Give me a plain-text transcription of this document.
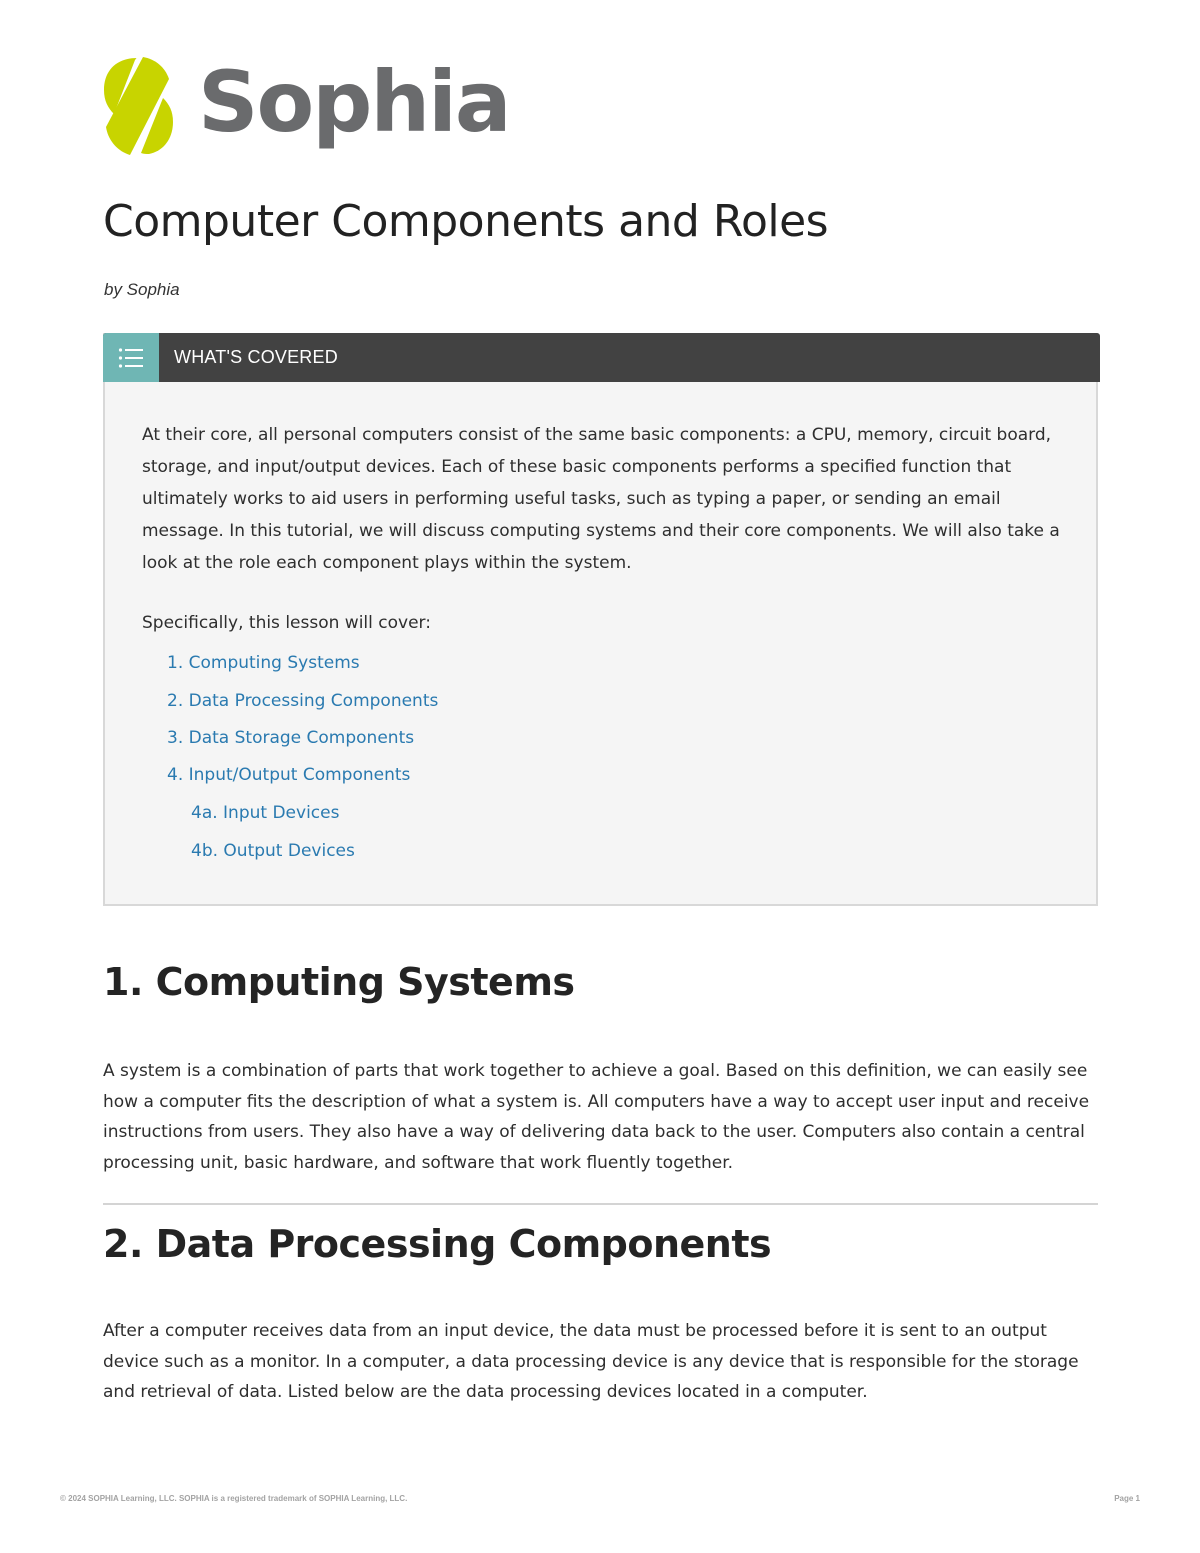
Sophia
Computer Components and Roles
by Sophia
WHAT'S COVERED

At their core, all personal computers consist of the same basic components: a CPU, memory, circuit board, storage, and input/output devices. Each of these basic components performs a specified function that ultimately works to aid users in performing useful tasks, such as typing a paper, or sending an email message. In this tutorial, we will discuss computing systems and their core components. We will also take a look at the role each component plays within the system.

Specifically, this lesson will cover:

1. Computing Systems
2. Data Processing Components
3. Data Storage Components
4. Input/Output Components
4a. Input Devices
4b. Output Devices
1. Computing Systems

A system is a combination of parts that work together to achieve a goal. Based on this definition, we can easily see how a computer fits the description of what a system is. All computers have a way to accept user input and receive instructions from users. They also have a way of delivering data back to the user. Computers also contain a central processing unit, basic hardware, and software that work fluently together.

2. Data Processing Components

After a computer receives data from an input device, the data must be processed before it is sent to an output device such as a monitor. In a computer, a data processing device is any device that is responsible for the storage and retrieval of data. Listed below are the data processing devices located in a computer.

© 2024 SOPHIA Learning, LLC. SOPHIA is a registered trademark of SOPHIA Learning, LLC.	Page 1
